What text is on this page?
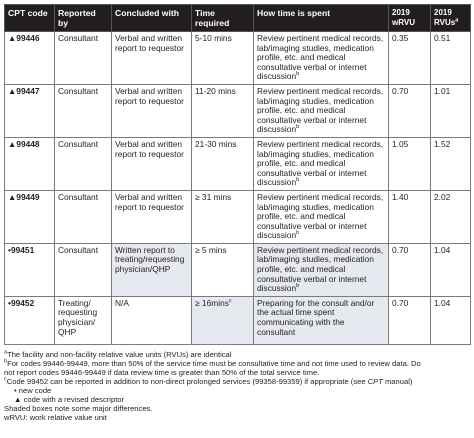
CPT code	Reported by	Concluded with	Time required	How time is spent	2019 wRVU	2019 RVUs$^a$
▲99446	Consultant	Verbal and written report to requestor	5-10 mins	Review pertinent medical records, lab/imaging studies, medication profile, etc. and medical consultative verbal or internet discussion$^b$	0.35	0.51
▲99447	Consultant	Verbal and written report to requestor	11-20 mins	Review pertinent medical records, lab/imaging studies, medication profile, etc. and medical consultative verbal or internet discussion$^b$	0.70	1.01
▲99448	Consultant	Verbal and written report to requestor	21-30 mins	Review pertinent medical records, lab/imaging studies, medication profile, etc. and medical consultative verbal or internet discussion$^b$	1.05	1.52
▲99449	Consultant	Verbal and written report to requestor	≥ 31 mins	Review pertinent medical records, lab/imaging studies, medication profile, etc. and medical consultative verbal or internet discussion$^b$	1.40	2.02
•99451	Consultant	Written report to treating/requesting physician/QHP	≥ 5 mins	Review pertinent medical records, lab/imaging studies, medication profile, etc. and medical consultative verbal or internet discussion$^b$	0.70	1.04
•99452	Treating/ requesting physician/ QHP	N/A	≥ 16mins$^c$	Preparing for the consult and/or the actual time spent communicating with the consultant	0.70	1.04
$^a$The facility and non-facility relative value units (RVUs) are identical
$^b$For codes 99446-99449, more than 50% of the service time must be consultative time and not time used to review data. Do
not report codes 99446-99449 if data review time is greater than 50% of the total service time.
$^c$Code 99452 can be reported in addition to non-direct prolonged services (99358-99359) if appropriate (see CPT manual)
• new code
▲ code with a revised descriptor
Shaded boxes note some major differences.
wRVU: work relative value unit
